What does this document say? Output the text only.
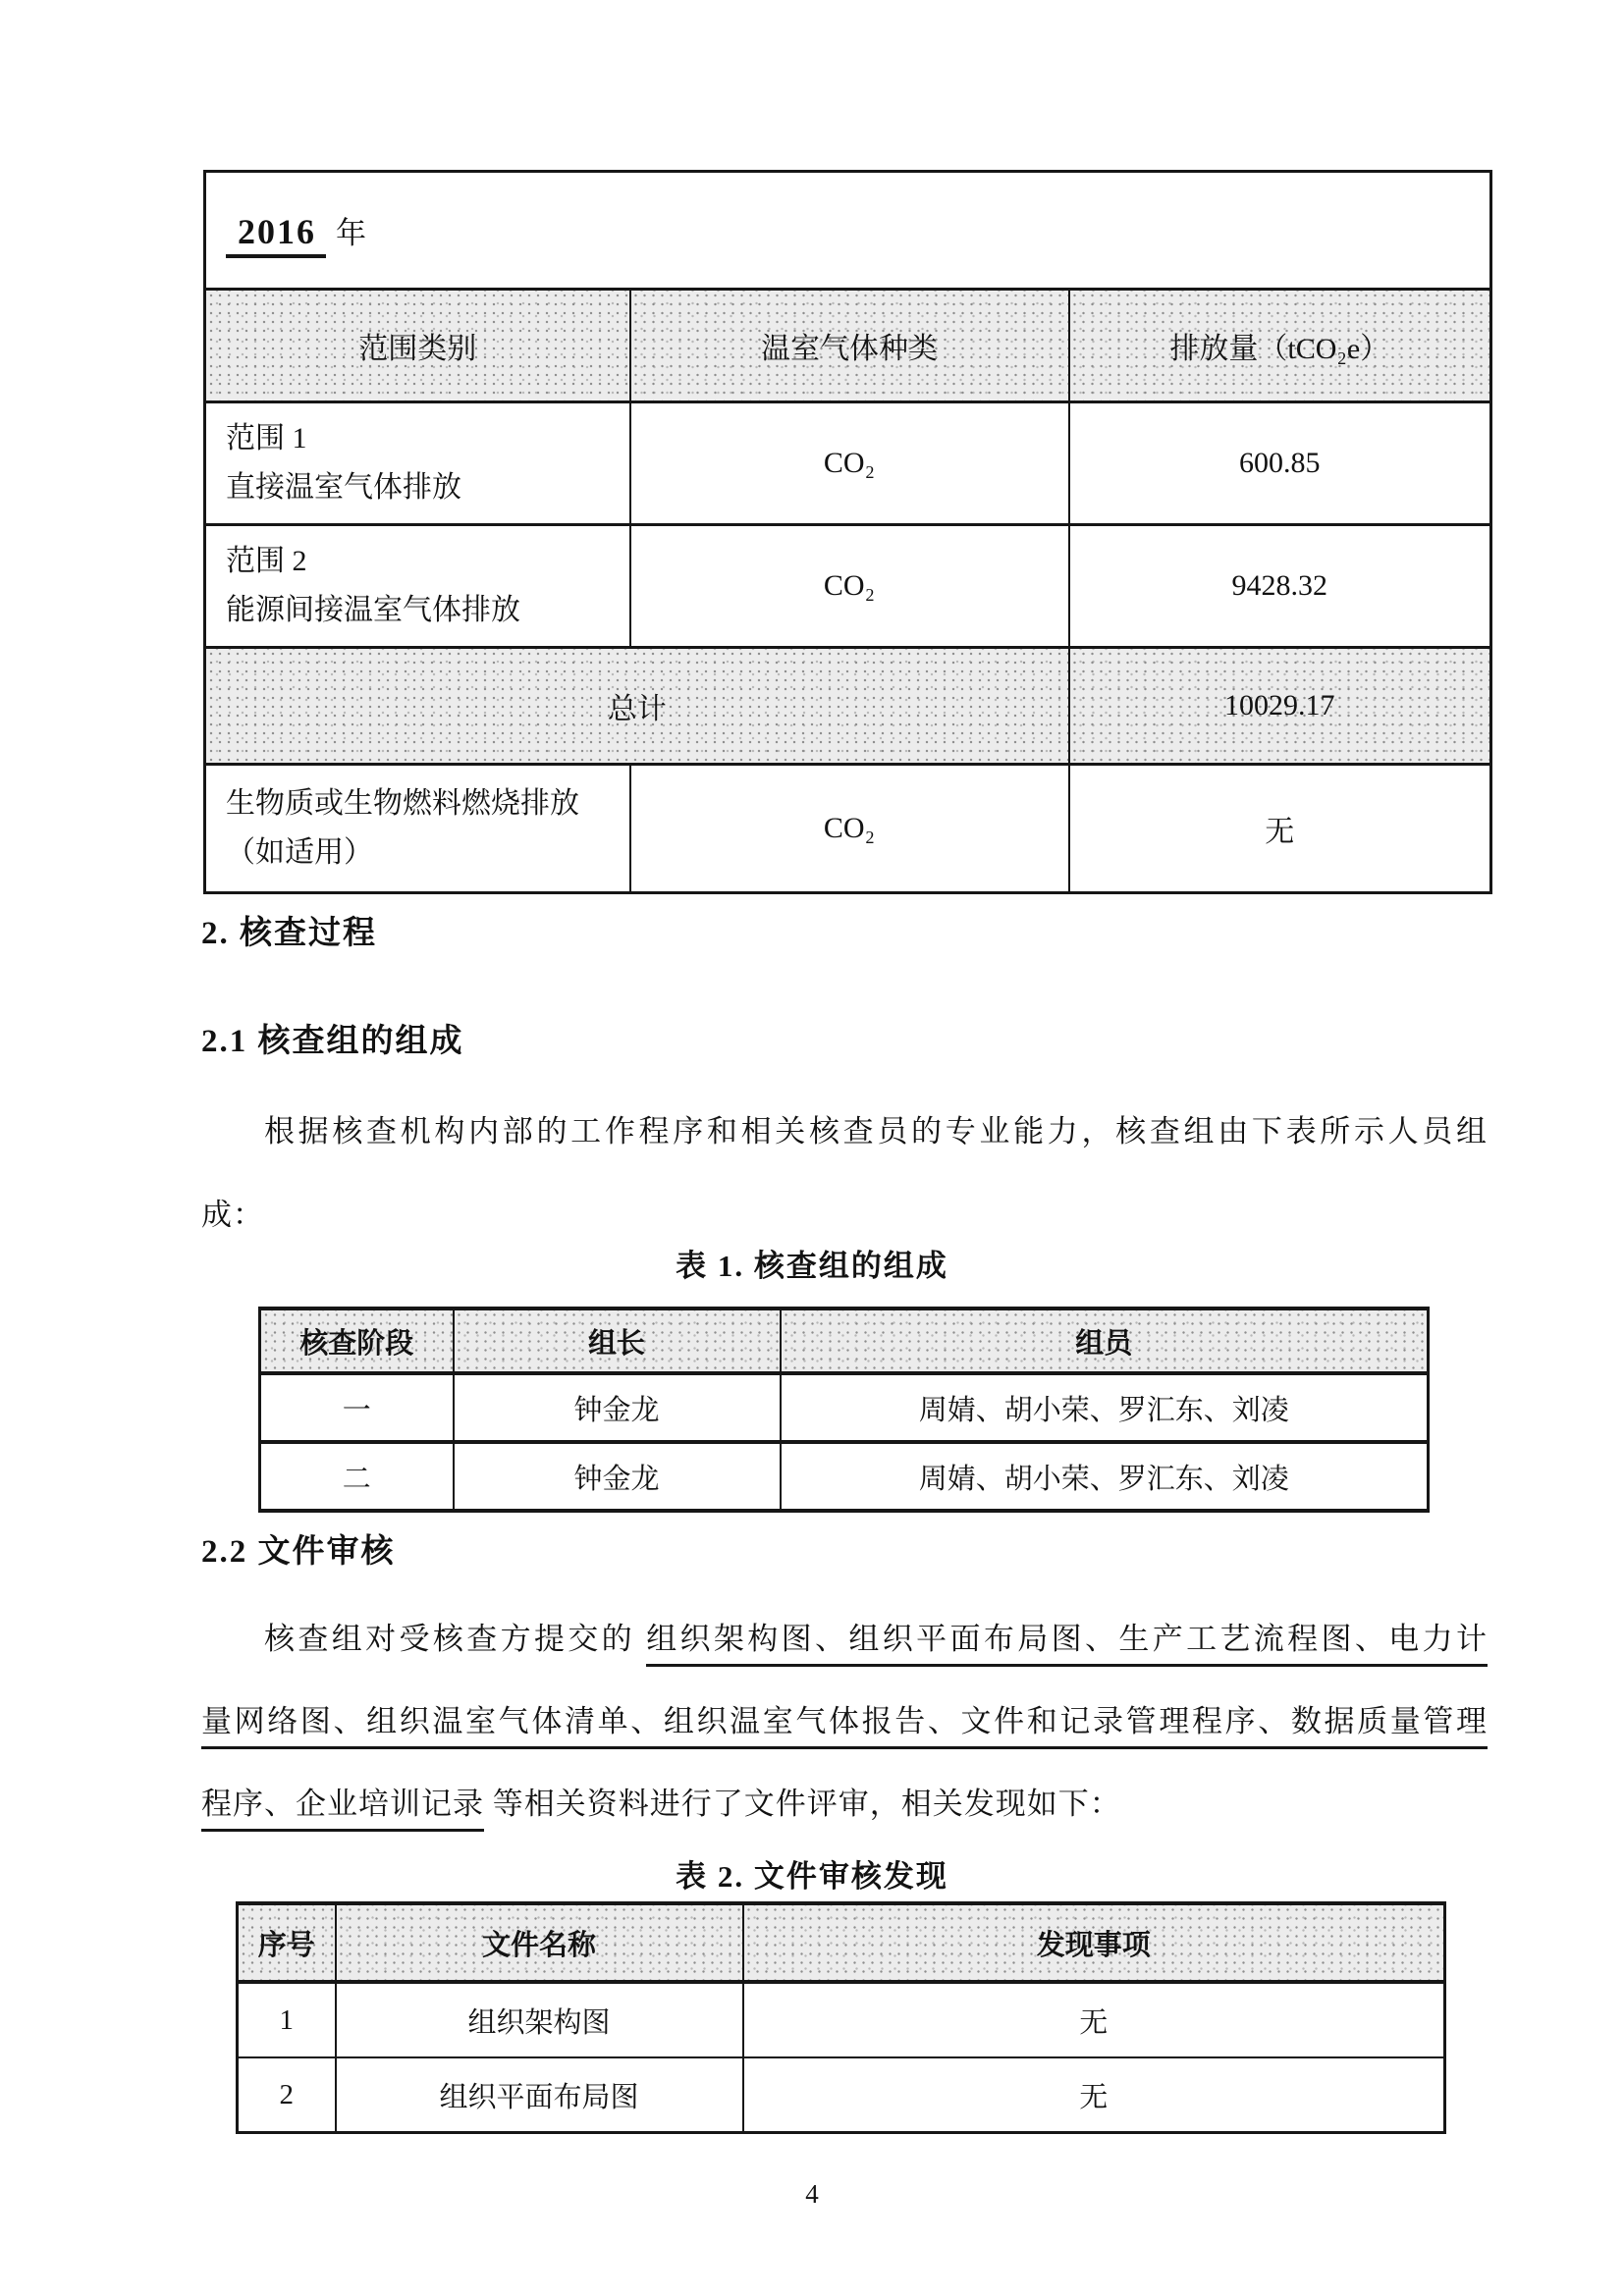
2016 年		
范围类别	温室气体种类	排放量（tCO₂e）

范围 1
直接温室气体排放	CO₂	600.85

范围 2
能源间接温室气体排放	CO₂	9428.32
总计		10029.17

生物质或生物燃料燃烧排放
（如适用）	CO₂	无
2. 核查过程
2.1 核查组的组成
根据核查机构内部的工作程序和相关核查员的专业能力，核查组由下表所示人员组
成：
表 1. 核查组的组成
核查阶段	组长	组员
一	钟金龙	周婧、胡小荣、罗汇东、刘凌
二	钟金龙	周婧、胡小荣、罗汇东、刘凌
2.2 文件审核
核查组对受核查方提交的 组织架构图、组织平面布局图、生产工艺流程图、电力计
量网络图、组织温室气体清单、组织温室气体报告、文件和记录管理程序、数据质量管理
程序、企业培训记录 等相关资料进行了文件评审，相关发现如下：
表 2. 文件审核发现
序号	文件名称	发现事项
1	组织架构图	无
2	组织平面布局图	无
4
